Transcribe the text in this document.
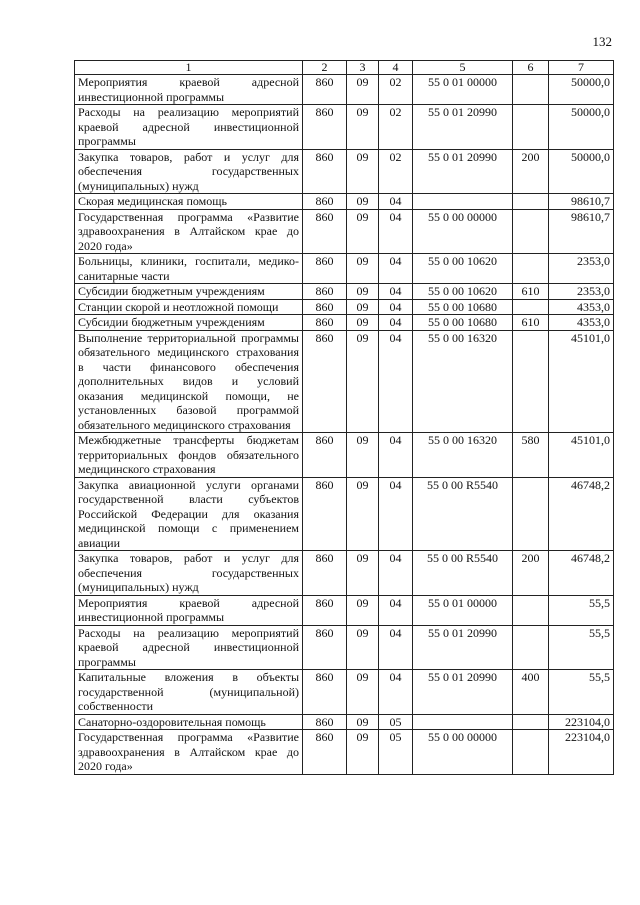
132
1	2	3	4	5	6	7
Мероприятия краевой адресной инвестиционной программы	860	09	02	55 0 01 00000		50000,0
Расходы на реализацию мероприятий краевой адресной инвестиционной программы	860	09	02	55 0 01 20990		50000,0
Закупка товаров, работ и услуг для обеспечения государственных (муниципальных) нужд	860	09	02	55 0 01 20990	200	50000,0
Скорая медицинская помощь	860	09	04			98610,7
Государственная программа «Развитие здравоохранения в Алтайском крае до 2020 года»	860	09	04	55 0 00 00000		98610,7
Больницы, клиники, госпитали, медико-санитарные части	860	09	04	55 0 00 10620		2353,0
Субсидии бюджетным учреждениям	860	09	04	55 0 00 10620	610	2353,0
Станции скорой и неотложной помощи	860	09	04	55 0 00 10680		4353,0
Субсидии бюджетным учреждениям	860	09	04	55 0 00 10680	610	4353,0
Выполнение территориальной программы обязательного медицинского страхования в части финансового обеспечения дополнительных видов и условий оказания медицинской помощи, не установленных базовой программой обязательного медицинского страхования	860	09	04	55 0 00 16320		45101,0
Межбюджетные трансферты бюджетам территориальных фондов обязательного медицинского страхования	860	09	04	55 0 00 16320	580	45101,0
Закупка авиационной услуги органами государственной власти субъектов Российской Федерации для оказания медицинской помощи с применением авиации	860	09	04	55 0 00 R5540		46748,2
Закупка товаров, работ и услуг для обеспечения государственных (муниципальных) нужд	860	09	04	55 0 00 R5540	200	46748,2
Мероприятия краевой адресной инвестиционной программы	860	09	04	55 0 01 00000		55,5
Расходы на реализацию мероприятий краевой адресной инвестиционной программы	860	09	04	55 0 01 20990		55,5
Капитальные вложения в объекты государственной (муниципальной) собственности	860	09	04	55 0 01 20990	400	55,5
Санаторно-оздоровительная помощь	860	09	05			223104,0
Государственная программа «Развитие здравоохранения в Алтайском крае до 2020 года»	860	09	05	55 0 00 00000		223104,0
